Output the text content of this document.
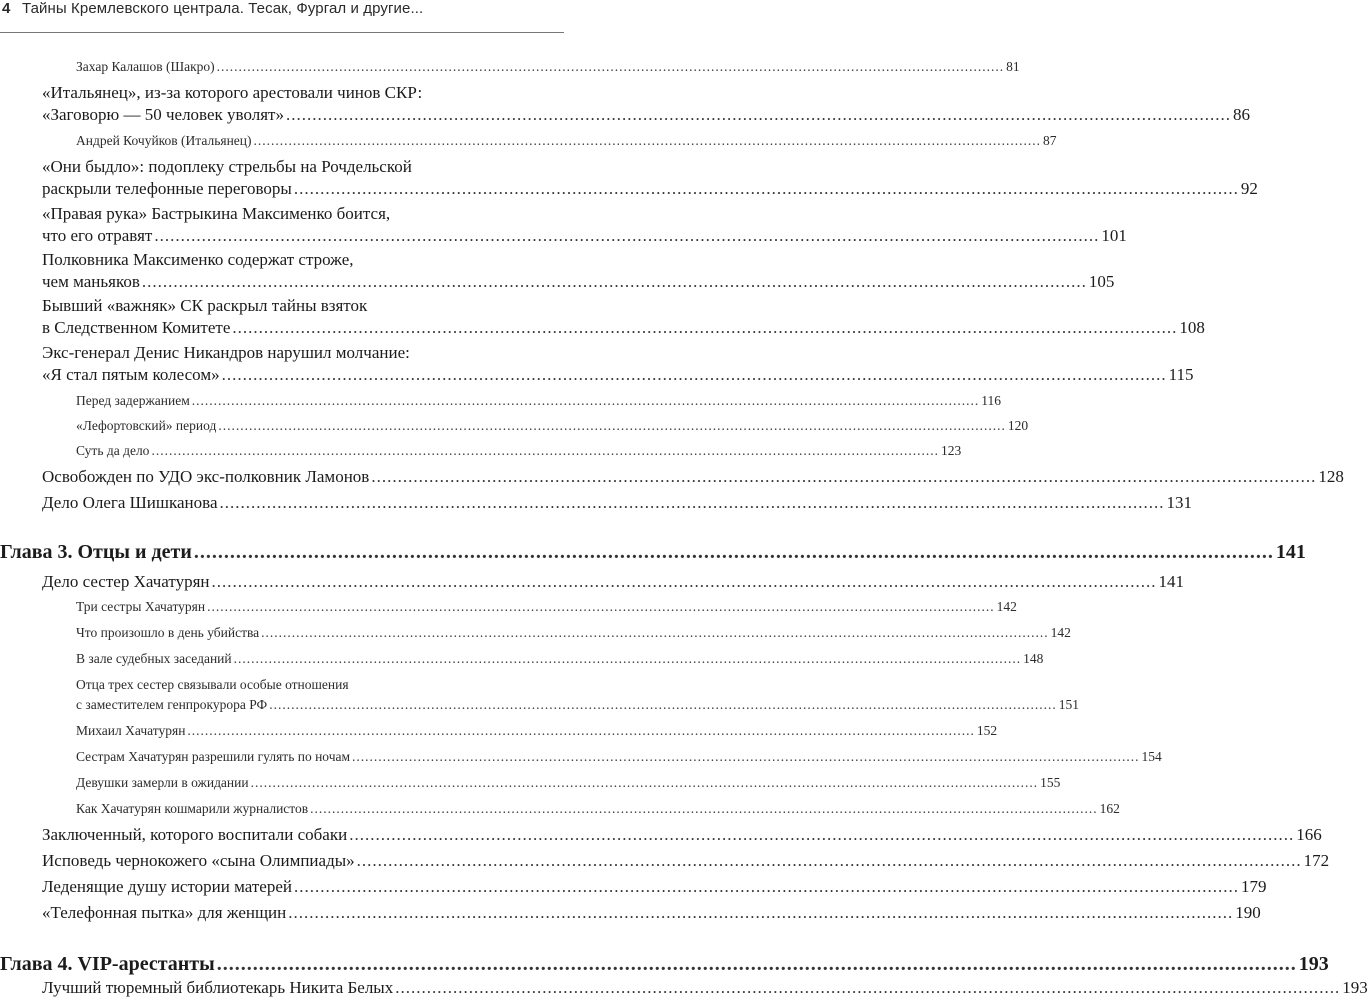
4 Тайны Кремлевского централа. Тесак, Фургал и другие...
Захар Калашов (Шакро) .................................................................................................................................................................................... 81
«Итальянец», из-за которого арестовали чинов СКР:
«Заговорю — 50 человек уволят» .................................................................................................................................................................................... 86
Андрей Кочуйков (Итальянец) .................................................................................................................................................................................... 87
«Они быдло»: подоплеку стрельбы на Рочдельской
раскрыли телефонные переговоры .................................................................................................................................................................................... 92
«Правая рука» Бастрыкина Максименко боится,
что его отравят .................................................................................................................................................................................... 101
Полковника Максименко содержат строже,
чем маньяков .................................................................................................................................................................................... 105
Бывший «важняк» СК раскрыл тайны взяток
в Следственном Комитете .................................................................................................................................................................................... 108
Экс-генерал Денис Никандров нарушил молчание:
«Я стал пятым колесом» .................................................................................................................................................................................... 115
Перед задержанием .................................................................................................................................................................................... 116
«Лефортовский» период .................................................................................................................................................................................... 120
Суть да дело .................................................................................................................................................................................... 123
Освобожден по УДО экс-полковник Ламонов .................................................................................................................................................................................... 128
Дело Олега Шишканова .................................................................................................................................................................................... 131
Глава 3. Отцы и дети .................................................................................................................................................................................... 141
Дело сестер Хачатурян .................................................................................................................................................................................... 141
Три сестры Хачатурян .................................................................................................................................................................................... 142
Что произошло в день убийства .................................................................................................................................................................................... 142
В зале судебных заседаний .................................................................................................................................................................................... 148
Отца трех сестер связывали особые отношения
с заместителем генпрокурора РФ .................................................................................................................................................................................... 151
Михаил Хачатурян .................................................................................................................................................................................... 152
Сестрам Хачатурян разрешили гулять по ночам .................................................................................................................................................................................... 154
Девушки замерли в ожидании .................................................................................................................................................................................... 155
Как Хачатурян кошмарили журналистов .................................................................................................................................................................................... 162
Заключенный, которого воспитали собаки .................................................................................................................................................................................... 166
Исповедь чернокожего «сына Олимпиады» .................................................................................................................................................................................... 172
Леденящие душу истории матерей .................................................................................................................................................................................... 179
«Телефонная пытка» для женщин .................................................................................................................................................................................... 190
Глава 4. VIP-арестанты .................................................................................................................................................................................... 193
Лучший тюремный библиотекарь Никита Белых .................................................................................................................................................................................... 193
